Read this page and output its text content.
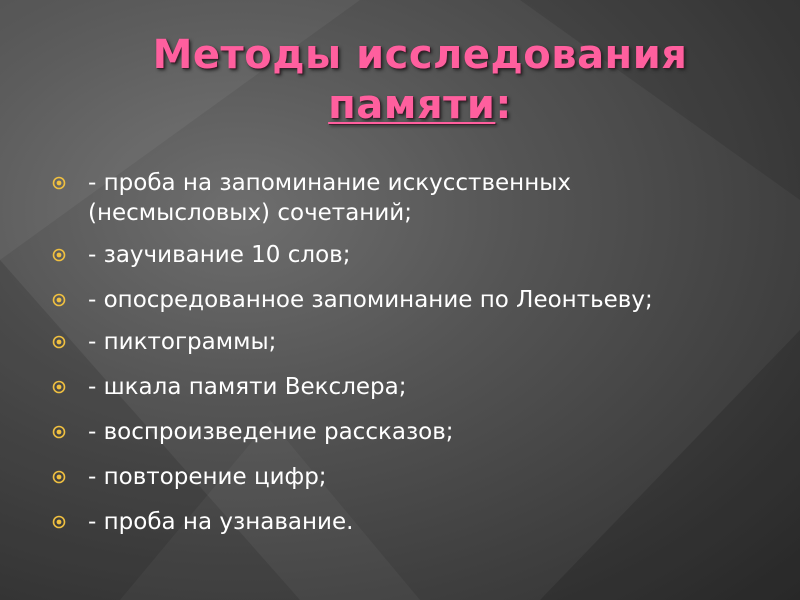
Методы исследования
памяти:
- проба на запоминание искусственных (несмысловых) сочетаний;
- заучивание 10 слов;
- опосредованное запоминание по Леонтьеву;
- пиктограммы;
- шкала памяти Векслера;
- воспроизведение рассказов;
- повторение цифр;
- проба на узнавание.
